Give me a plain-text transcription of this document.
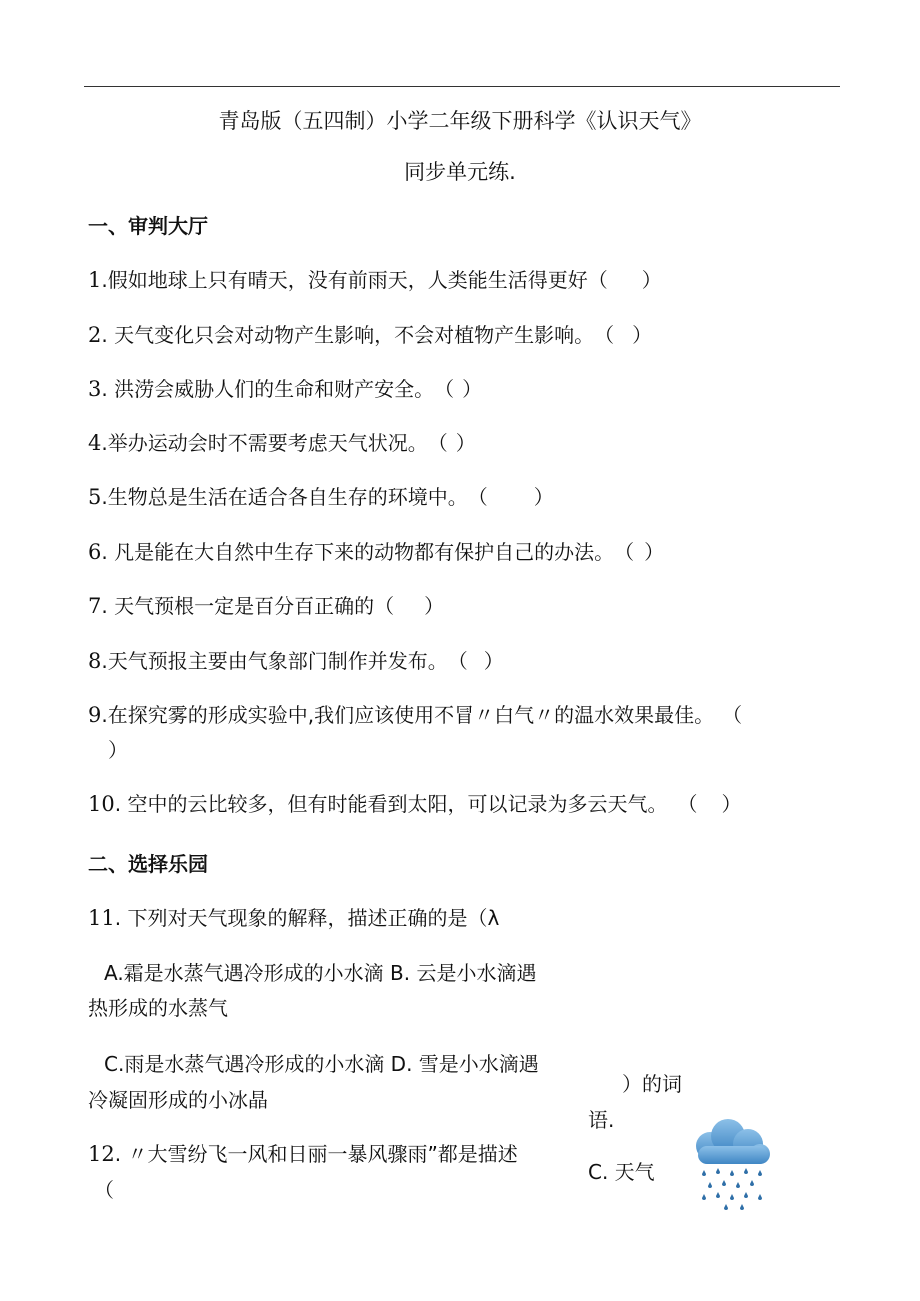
青岛版（五四制）小学二年级下册科学《认识天气》
同步单元练.
一、审判大厅
1.假如地球上只有晴天，没有前雨天，人类能生活得更好（ ）
2. 天气变化只会对动物产生影响，不会对植物产生影响。（ ）
3. 洪涝会威胁人们的生命和财产安全。（ ）
4.举办运动会时不需要考虑天气状况。（ ）
5.生物总是生活在适合各自生存的环境中。（ ）
6. 凡是能在大自然中生存下来的动物都有保护自己的办法。（ ）
7. 天气预根一定是百分百正确的（ ）
8.天气预报主要由气象部门制作并发布。（ ）
9.在探究雾的形成实验中,我们应该使用不冒〃白气〃的温水效果最佳。 （
）
10. 空中的云比较多，但有时能看到太阳，可以记录为多云天气。 （ ）
二、选择乐园
11. 下列对天气现象的解释，描述正确的是（λ
A.霜是水蒸气遇冷形成的小水滴 B. 云是小水滴遇
热形成的水蒸气
C.雨是水蒸气遇冷形成的小水滴 D. 雪是小水滴遇
冷凝固形成的小冰晶
12. 〃大雪纷飞一风和日丽一暴风骤雨”都是描述
（
）的词
语.
C. 天气
